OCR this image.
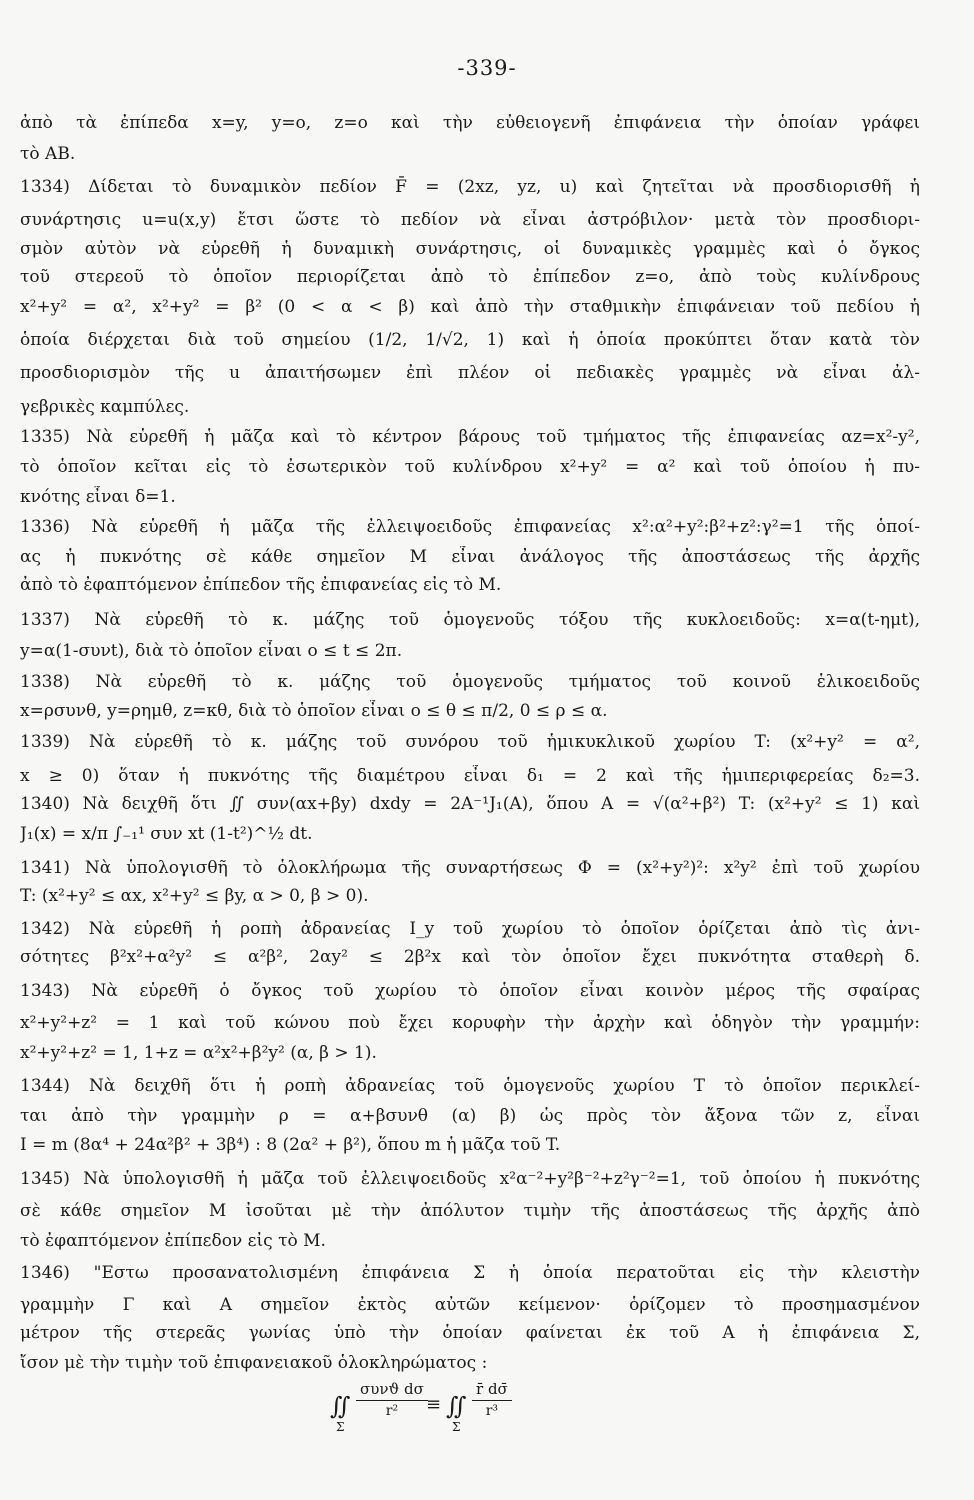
-339-
ἀπὸ τὰ ἐπίπεδα x=y, y=o, z=o καὶ τὴν εὐθειογενῆ ἐπιφάνεια τὴν ὁποίαν γράφει
τὸ AB.
1334) Δίδεται τὸ δυναμικὸν πεδίον F̄ = (2xz, yz, u) καὶ ζητεῖται νὰ προσδιορισθῆ ἡ
συνάρτησις u=u(x,y) ἔτσι ὥστε τὸ πεδίον νὰ εἶναι ἀστρόβιλον· μετὰ τὸν προσδιορι-
σμὸν αὐτὸν νὰ εὑρεθῆ ἡ δυναμικὴ συνάρτησις, οἱ δυναμικὲς γραμμὲς καὶ ὁ ὄγκος
τοῦ στερεοῦ τὸ ὁποῖον περιορίζεται ἀπὸ τὸ ἐπίπεδον z=o, ἀπὸ τοὺς κυλίνδρους
x²+y² = α², x²+y² = β² (0 < α < β) καὶ ἀπὸ τὴν σταθμικὴν ἐπιφάνειαν τοῦ πεδίου ἡ
ὁποία διέρχεται διὰ τοῦ σημείου (1/2, 1/√2, 1) καὶ ἡ ὁποία προκύπτει ὅταν κατὰ τὸν
προσδιορισμὸν τῆς u ἀπαιτήσωμεν ἐπὶ πλέον οἱ πεδιακὲς γραμμὲς νὰ εἶναι ἀλ-
γεβρικὲς καμπύλες.
1335) Νὰ εὑρεθῆ ἡ μᾶζα καὶ τὸ κέντρον βάρους τοῦ τμήματος τῆς ἐπιφανείας αz=x²-y²,
τὸ ὁποῖον κεῖται εἰς τὸ ἐσωτερικὸν τοῦ κυλίνδρου x²+y² = α² καὶ τοῦ ὁποίου ἡ πυ-
κνότης εἶναι δ=1.
1336) Νὰ εὑρεθῆ ἡ μᾶζα τῆς ἐλλειψοειδοῦς ἐπιφανείας x²:α²+y²:β²+z²:γ²=1 τῆς ὁποί-
ας ἡ πυκνότης σὲ κάθε σημεῖον M εἶναι ἀνάλογος τῆς ἀποστάσεως τῆς ἀρχῆς
ἀπὸ τὸ ἐφαπτόμενον ἐπίπεδον τῆς ἐπιφανείας εἰς τὸ M.
1337) Νὰ εὑρεθῆ τὸ κ. μάζης τοῦ ὁμογενοῦς τόξου τῆς κυκλοειδοῦς: x=α(t-ημt),
y=α(1-συνt), διὰ τὸ ὁποῖον εἶναι o ≤ t ≤ 2π.
1338) Νὰ εὑρεθῆ τὸ κ. μάζης τοῦ ὁμογενοῦς τμήματος τοῦ κοινοῦ ἑλικοειδοῦς
x=ρσυνθ, y=ρημθ, z=κθ, διὰ τὸ ὁποῖον εἶναι o ≤ θ ≤ π/2, 0 ≤ ρ ≤ α.
1339) Νὰ εὑρεθῆ τὸ κ. μάζης τοῦ συνόρου τοῦ ἡμικυκλικοῦ χωρίου T: (x²+y² = α²,
x ≥ 0) ὅταν ἡ πυκνότης τῆς διαμέτρου εἶναι δ₁ = 2 καὶ τῆς ἡμιπεριφερείας δ₂=3.
1340) Νὰ δειχθῆ ὅτι ∬ συν(αx+βy) dxdy = 2A⁻¹J₁(A), ὅπου A = √(α²+β²) T: (x²+y² ≤ 1) καὶ
J₁(x) = x/π ∫₋₁¹ συν xt (1-t²)^½ dt.
1341) Νὰ ὑπολογισθῆ τὸ ὁλοκλήρωμα τῆς συναρτήσεως Φ = (x²+y²)²: x²y² ἐπὶ τοῦ χωρίου
T: (x²+y² ≤ αx, x²+y² ≤ βy, α > 0, β > 0).
1342) Νὰ εὑρεθῆ ἡ ροπὴ ἀδρανείας I_y τοῦ χωρίου τὸ ὁποῖον ὁρίζεται ἀπὸ τὶς ἀνι-
σότητες β²x²+α²y² ≤ α²β², 2αy² ≤ 2β²x καὶ τὸν ὁποῖον ἔχει πυκνότητα σταθερὴ δ.
1343) Νὰ εὑρεθῆ ὁ ὄγκος τοῦ χωρίου τὸ ὁποῖον εἶναι κοινὸν μέρος τῆς σφαίρας
x²+y²+z² = 1 καὶ τοῦ κώνου ποὺ ἔχει κορυφὴν τὴν ἀρχὴν καὶ ὁδηγὸν τὴν γραμμήν:
x²+y²+z² = 1, 1+z = α²x²+β²y² (α, β > 1).
1344) Νὰ δειχθῆ ὅτι ἡ ροπὴ ἀδρανείας τοῦ ὁμογενοῦς χωρίου T τὸ ὁποῖον περικλεί-
ται ἀπὸ τὴν γραμμὴν ρ = α+βσυνθ (α) β) ὡς πρὸς τὸν ἄξονα τῶν z, εἶναι
I = m (8α⁴ + 24α²β² + 3β⁴) : 8 (2α² + β²), ὅπου m ἡ μᾶζα τοῦ T.
1345) Νὰ ὑπολογισθῆ ἡ μᾶζα τοῦ ἐλλειψοειδοῦς x²α⁻²+y²β⁻²+z²γ⁻²=1, τοῦ ὁποίου ἡ πυκνότης
σὲ κάθε σημεῖον M ἰσοῦται μὲ τὴν ἀπόλυτον τιμὴν τῆς ἀποστάσεως τῆς ἀρχῆς ἀπὸ
τὸ ἐφαπτόμενον ἐπίπεδον εἰς τὸ M.
1346) "Εστω προσανατολισμένη ἐπιφάνεια Σ ἡ ὁποία περατοῦται εἰς τὴν κλειστὴν
γραμμὴν Γ καὶ A σημεῖον ἐκτὸς αὐτῶν κείμενον· ὁρίζομεν τὸ προσημασμένον
μέτρον τῆς στερεᾶς γωνίας ὑπὸ τὴν ὁποίαν φαίνεται ἐκ τοῦ A ἡ ἐπιφάνεια Σ,
ἴσον μὲ τὴν τιμὴν τοῦ ἐπιφανειακοῦ ὁλοκληρώματος :
∬
Σ
συνϑ dσ
r²	≡ ∬
Σ
$\frac{r̄ d\sigmā}{\text{r³}}$
